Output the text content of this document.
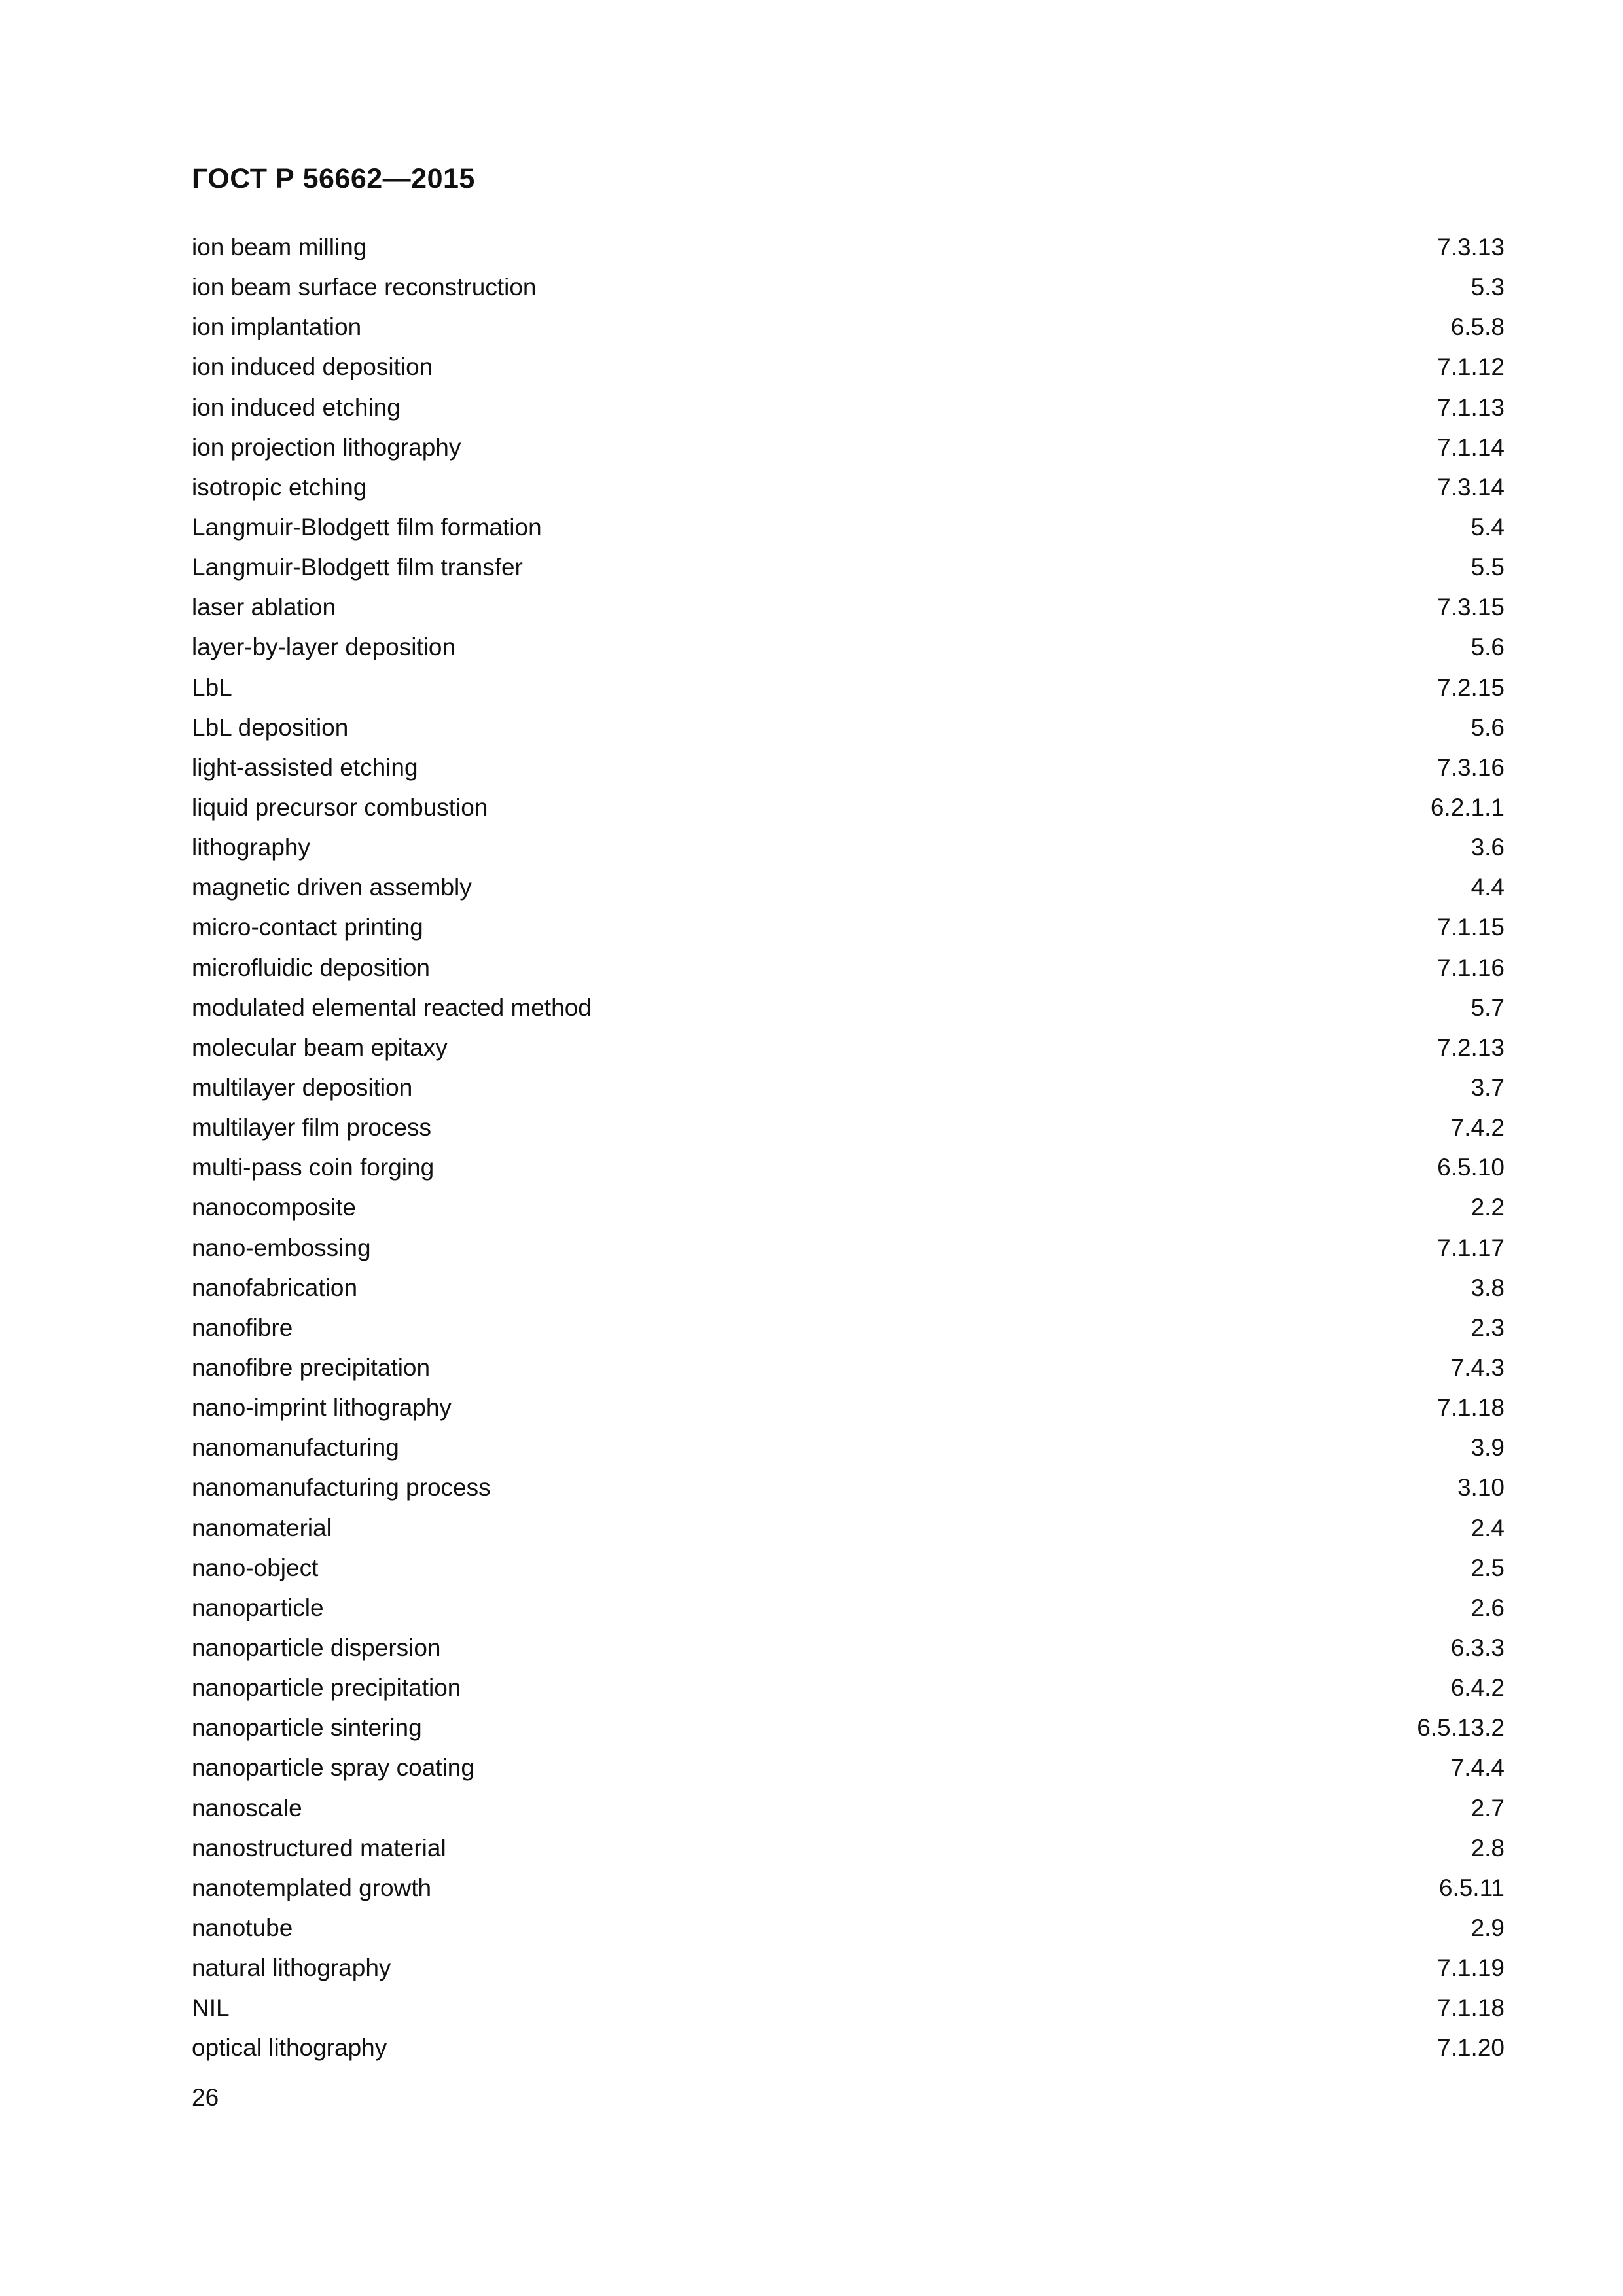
ГОСТ Р 56662—2015
ion beam milling	7.3.13
ion beam surface reconstruction	5.3
ion implantation	6.5.8
ion induced deposition	7.1.12
ion induced etching	7.1.13
ion projection lithography	7.1.14
isotropic etching	7.3.14
Langmuir-Blodgett film formation	5.4
Langmuir-Blodgett film transfer	5.5
laser ablation	7.3.15
layer-by-layer deposition	5.6
LbL	7.2.15
LbL deposition	5.6
light-assisted etching	7.3.16
liquid precursor combustion	6.2.1.1
lithography	3.6
magnetic driven assembly	4.4
micro-contact printing	7.1.15
microfluidic deposition	7.1.16
modulated elemental reacted method	5.7
molecular beam epitaxy	7.2.13
multilayer deposition	3.7
multilayer film process	7.4.2
multi-pass coin forging	6.5.10
nanocomposite	2.2
nano-embossing	7.1.17
nanofabrication	3.8
nanofibre	2.3
nanofibre precipitation	7.4.3
nano-imprint lithography	7.1.18
nanomanufacturing	3.9
nanomanufacturing process	3.10
nanomaterial	2.4
nano-object	2.5
nanoparticle	2.6
nanoparticle dispersion	6.3.3
nanoparticle precipitation	6.4.2
nanoparticle sintering	6.5.13.2
nanoparticle spray coating	7.4.4
nanoscale	2.7
nanostructured material	2.8
nanotemplated growth	6.5.11
nanotube	2.9
natural lithography	7.1.19
NIL	7.1.18
optical lithography	7.1.20
26
